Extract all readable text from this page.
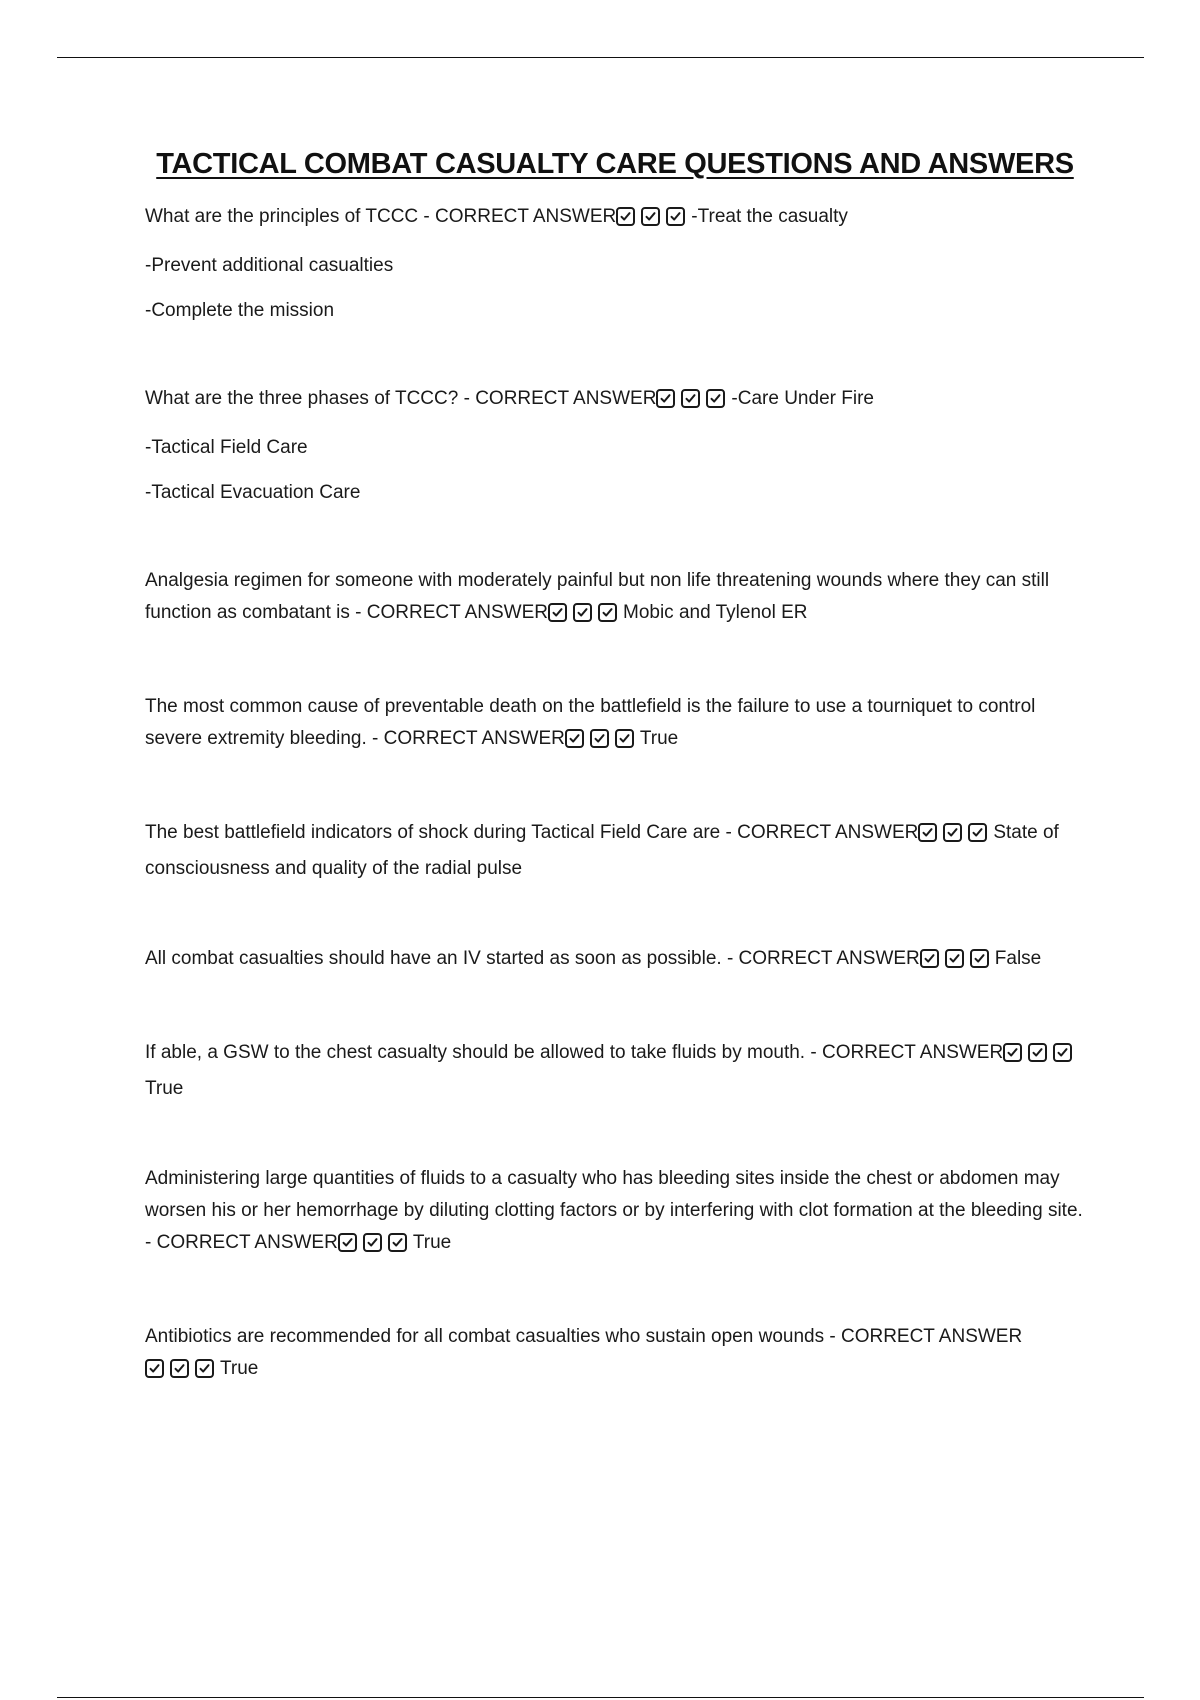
TACTICAL COMBAT CASUALTY CARE QUESTIONS AND ANSWERS

What are the principles of TCCC - CORRECT ANSWER	-Treat the casualty

-Prevent additional casualties

-Complete the mission

What are the three phases of TCCC? - CORRECT ANSWER	-Care Under Fire

-Tactical Field Care

-Tactical Evacuation Care

Analgesia regimen for someone with moderately painful but non life threatening wounds where they can still function as combatant is - CORRECT ANSWER	Mobic and Tylenol ER

The most common cause of preventable death on the battlefield is the failure to use a tourniquet to control severe extremity bleeding. - CORRECT ANSWER	True

The best battlefield indicators of shock during Tactical Field Care are - CORRECT ANSWER	State of consciousness and quality of the radial pulse

All combat casualties should have an IV started as soon as possible. - CORRECT ANSWER	False

If able, a GSW to the chest casualty should be allowed to take fluids by mouth. - CORRECT ANSWER
True

Administering large quantities of fluids to a casualty who has bleeding sites inside the chest or abdomen may worsen his or her hemorrhage by diluting clotting factors or by interfering with clot formation at the bleeding site. - CORRECT ANSWER	True

Antibiotics are recommended for all combat casualties who sustain open wounds - CORRECT ANSWER
True
